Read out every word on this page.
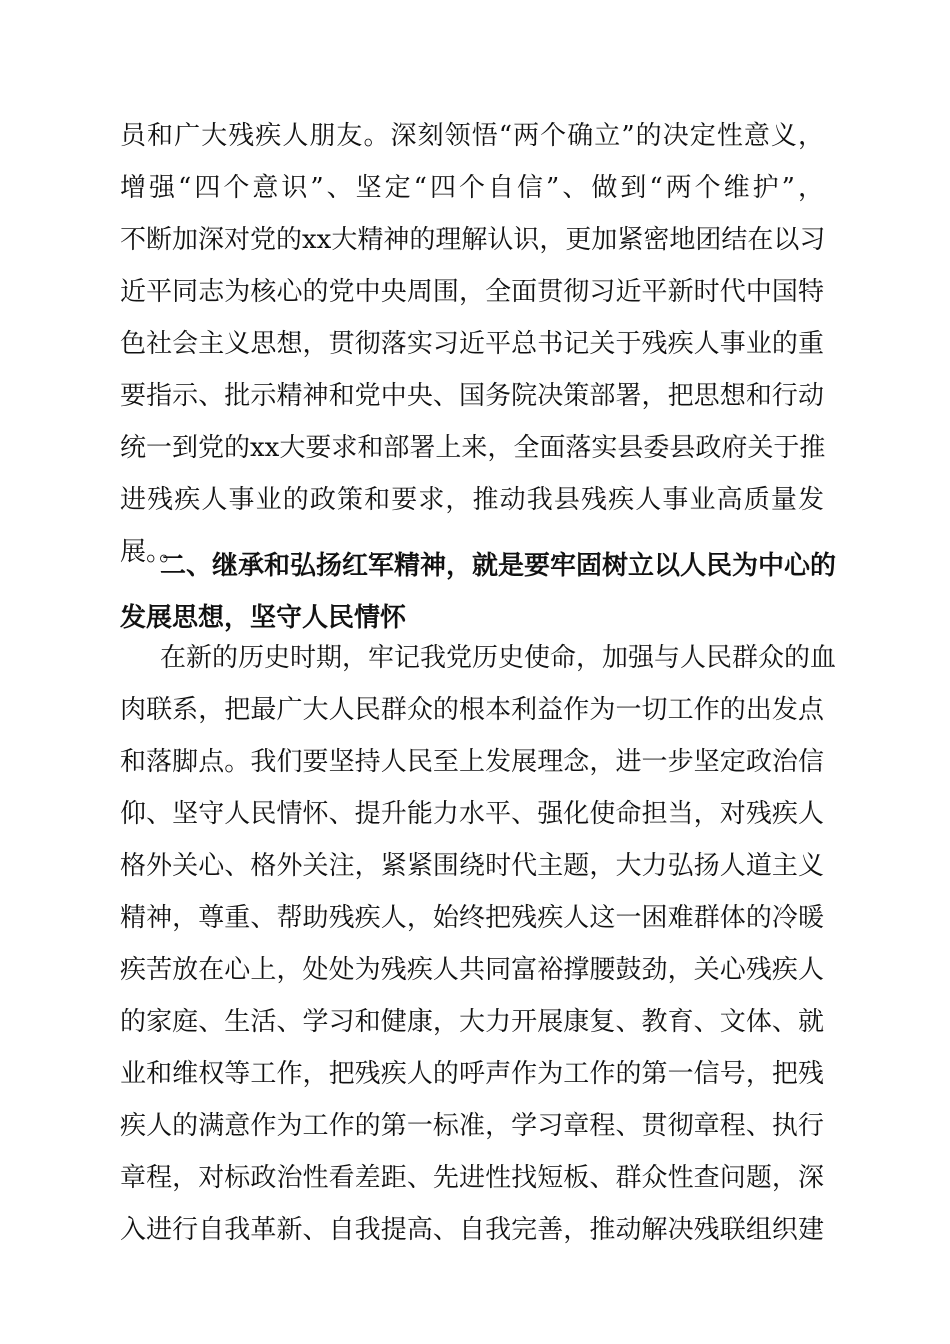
员和广大残疾人朋友。深刻领悟“两个确立”的决定性意义，
增强“四个意识”、坚定“四个自信”、做到“两个维护”，
不断加深对党的xx大精神的理解认识，更加紧密地团结在以习
近平同志为核心的党中央周围，全面贯彻习近平新时代中国特
色社会主义思想，贯彻落实习近平总书记关于残疾人事业的重
要指示、批示精神和党中央、国务院决策部署，把思想和行动
统一到党的xx大要求和部署上来，全面落实县委县政府关于推
进残疾人事业的政策和要求，推动我县残疾人事业高质量发
展。。
二、继承和弘扬红军精神，就是要牢固树立以人民为中心的
发展思想，坚守人民情怀
在新的历史时期，牢记我党历史使命，加强与人民群众的血
肉联系，把最广大人民群众的根本利益作为一切工作的出发点
和落脚点。我们要坚持人民至上发展理念，进一步坚定政治信
仰、坚守人民情怀、提升能力水平、强化使命担当，对残疾人
格外关心、格外关注，紧紧围绕时代主题，大力弘扬人道主义
精神，尊重、帮助残疾人，始终把残疾人这一困难群体的冷暖
疾苦放在心上，处处为残疾人共同富裕撑腰鼓劲，关心残疾人
的家庭、生活、学习和健康，大力开展康复、教育、文体、就
业和维权等工作，把残疾人的呼声作为工作的第一信号，把残
疾人的满意作为工作的第一标准，学习章程、贯彻章程、执行
章程，对标政治性看差距、先进性找短板、群众性查问题，深
入进行自我革新、自我提高、自我完善，推动解决残联组织建
